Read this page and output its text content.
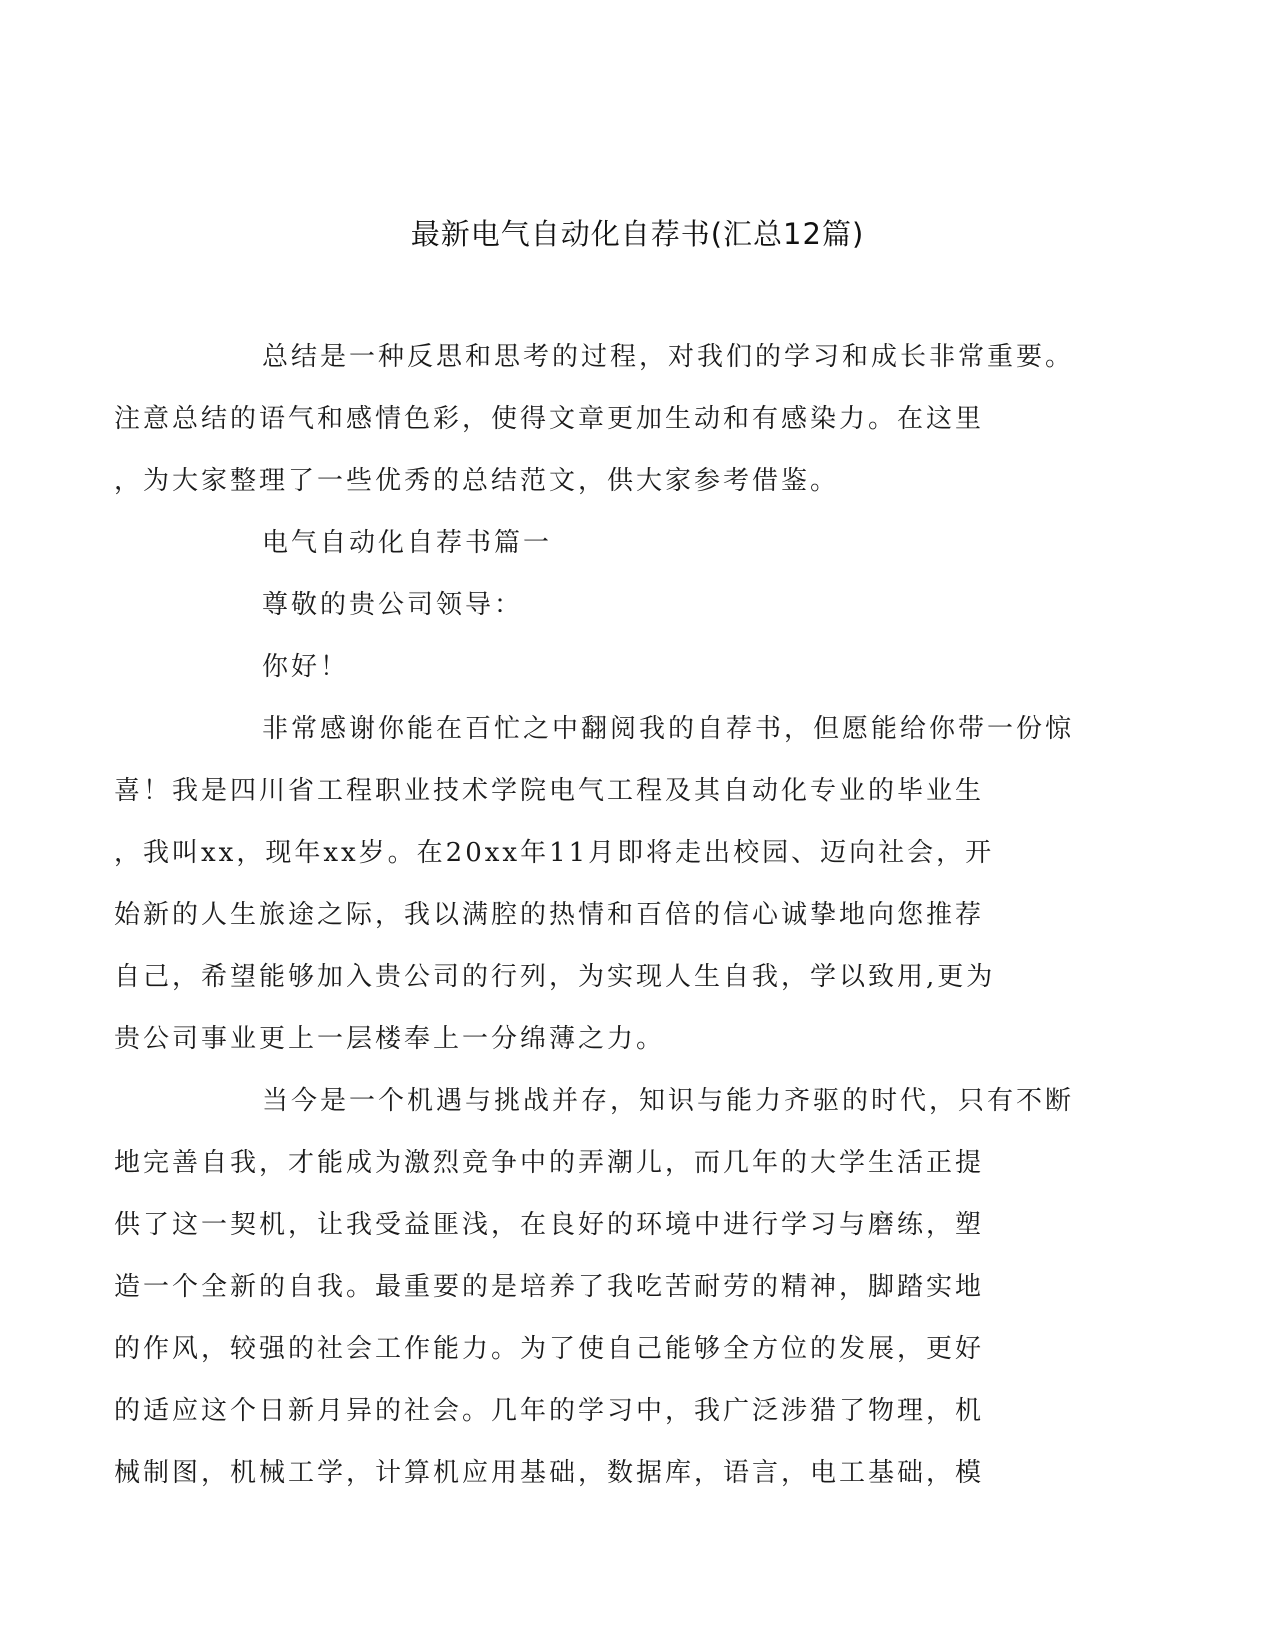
最新电气自动化自荐书(汇总12篇)

总结是一种反思和思考的过程，对我们的学习和成长非常重要。
注意总结的语气和感情色彩，使得文章更加生动和有感染力。在这里
，为大家整理了一些优秀的总结范文，供大家参考借鉴。

电气自动化自荐书篇一

尊敬的贵公司领导：

你好！

非常感谢你能在百忙之中翻阅我的自荐书，但愿能给你带一份惊
喜！我是四川省工程职业技术学院电气工程及其自动化专业的毕业生
，我叫xx，现年xx岁。在20xx年11月即将走出校园、迈向社会，开
始新的人生旅途之际，我以满腔的热情和百倍的信心诚挚地向您推荐
自己，希望能够加入贵公司的行列，为实现人生自我，学以致用,更为
贵公司事业更上一层楼奉上一分绵薄之力。

当今是一个机遇与挑战并存，知识与能力齐驱的时代，只有不断
地完善自我，才能成为激烈竞争中的弄潮儿，而几年的大学生活正提
供了这一契机，让我受益匪浅，在良好的环境中进行学习与磨练，塑
造一个全新的自我。最重要的是培养了我吃苦耐劳的精神，脚踏实地
的作风，较强的社会工作能力。为了使自己能够全方位的发展，更好
的适应这个日新月异的社会。几年的学习中，我广泛涉猎了物理，机
械制图，机械工学，计算机应用基础，数据库，语言，电工基础，模
